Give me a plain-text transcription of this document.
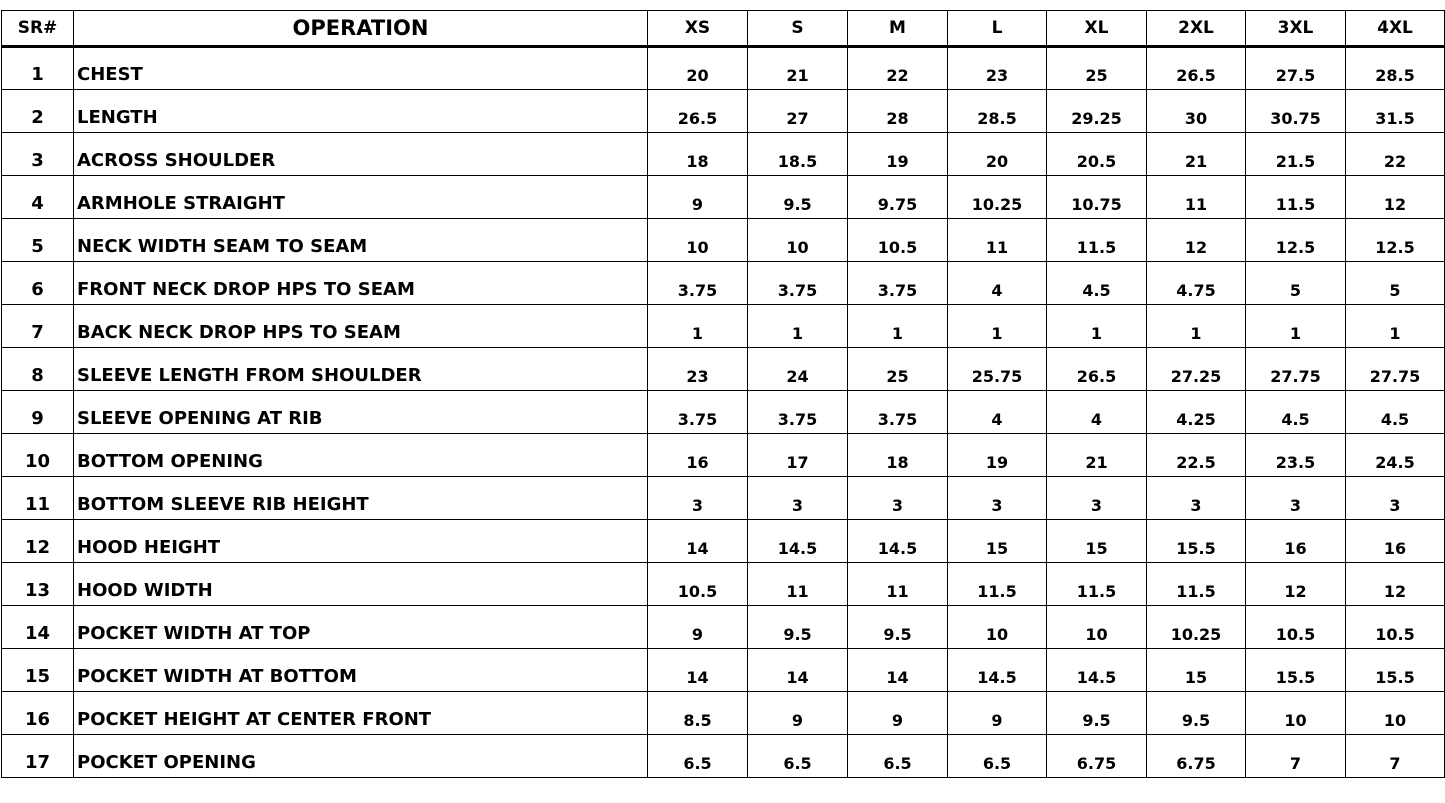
SR#	OPERATION	XS	S	M	L	XL	2XL	3XL	4XL
1	CHEST	20	21	22	23	25	26.5	27.5	28.5
2	LENGTH	26.5	27	28	28.5	29.25	30	30.75	31.5
3	ACROSS SHOULDER	18	18.5	19	20	20.5	21	21.5	22
4	ARMHOLE STRAIGHT	9	9.5	9.75	10.25	10.75	11	11.5	12
5	NECK WIDTH SEAM TO SEAM	10	10	10.5	11	11.5	12	12.5	12.5
6	FRONT NECK DROP HPS TO SEAM	3.75	3.75	3.75	4	4.5	4.75	5	5
7	BACK NECK DROP HPS TO SEAM	1	1	1	1	1	1	1	1
8	SLEEVE LENGTH FROM SHOULDER	23	24	25	25.75	26.5	27.25	27.75	27.75
9	SLEEVE OPENING AT RIB	3.75	3.75	3.75	4	4	4.25	4.5	4.5
10	BOTTOM OPENING	16	17	18	19	21	22.5	23.5	24.5
11	BOTTOM SLEEVE RIB HEIGHT	3	3	3	3	3	3	3	3
12	HOOD HEIGHT	14	14.5	14.5	15	15	15.5	16	16
13	HOOD WIDTH	10.5	11	11	11.5	11.5	11.5	12	12
14	POCKET WIDTH AT TOP	9	9.5	9.5	10	10	10.25	10.5	10.5
15	POCKET WIDTH AT BOTTOM	14	14	14	14.5	14.5	15	15.5	15.5
16	POCKET HEIGHT AT CENTER FRONT	8.5	9	9	9	9.5	9.5	10	10
17	POCKET OPENING	6.5	6.5	6.5	6.5	6.75	6.75	7	7
